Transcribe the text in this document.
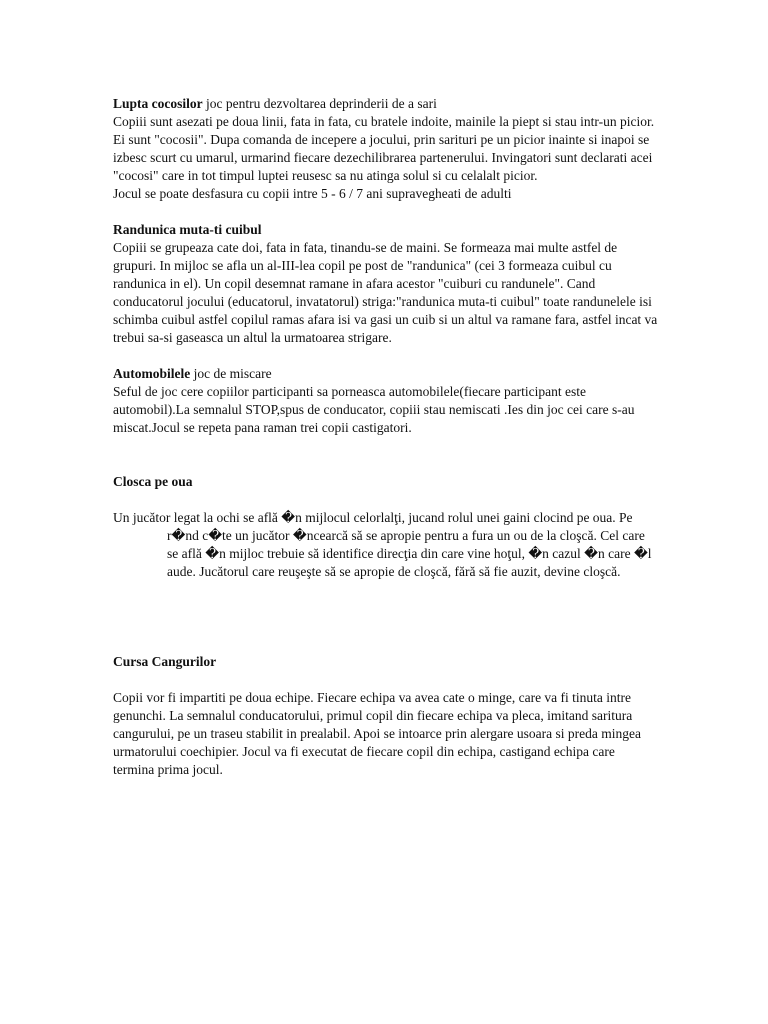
Lupta cocosilor joc pentru dezvoltarea deprinderii de a sari

Copiii sunt asezati pe doua linii, fata in fata, cu bratele indoite, mainile la piept si stau intr-un picior. Ei sunt "cocosii". Dupa comanda de incepere a jocului, prin sarituri pe un picior inainte si inapoi se izbesc scurt cu umarul, urmarind fiecare dezechilibrarea partenerului. Invingatori sunt declarati acei "cocosi" care in tot timpul luptei reusesc sa nu atinga solul si cu celalalt picior.

Jocul se poate desfasura cu copii intre 5 - 6 / 7 ani supravegheati de adulti

Randunica muta-ti cuibul

Copiii se grupeaza cate doi, fata in fata, tinandu-se de maini. Se formeaza mai multe astfel de grupuri. In mijloc se afla un al-III-lea copil pe post de "randunica" (cei 3 formeaza cuibul cu randunica in el). Un copil desemnat ramane in afara acestor "cuiburi cu randunele". Cand conducatorul jocului (educatorul, invatatorul) striga:"randunica muta-ti cuibul" toate randunelele isi schimba cuibul astfel copilul ramas afara isi va gasi un cuib si un altul va ramane fara, astfel incat va trebui sa-si gaseasca un altul la urmatoarea strigare.

Automobilele joc de miscare

Seful de joc cere copiilor participanti sa porneasca automobilele(fiecare participant este automobil).La semnalul STOP,spus de conducator, copiii stau nemiscati .Ies din joc cei care s-au miscat.Jocul se repeta pana raman trei copii castigatori.

Closca pe oua

Un jucător legat la ochi se află �n mijlocul celorlalţi, jucand rolul unei gaini clocind pe oua. Pe r�nd c�te un jucător �ncearcă să se apropie pentru a fura un ou de la cloşcă. Cel care se află �n mijloc trebuie să identifice direcţia din care vine hoţul, �n cazul �n care �l aude. Jucătorul care reuşeşte să se apropie de cloşcă, fără să fie auzit, devine cloşcă.

Cursa Cangurilor

Copii vor fi impartiti pe doua echipe. Fiecare echipa va avea cate o minge, care va fi tinuta intre genunchi. La semnalul conducatorului, primul copil din fiecare echipa va pleca, imitand saritura cangurului, pe un traseu stabilit in prealabil. Apoi se intoarce prin alergare usoara si preda mingea urmatorului coechipier. Jocul va fi executat de fiecare copil din echipa, castigand echipa care termina prima jocul.
